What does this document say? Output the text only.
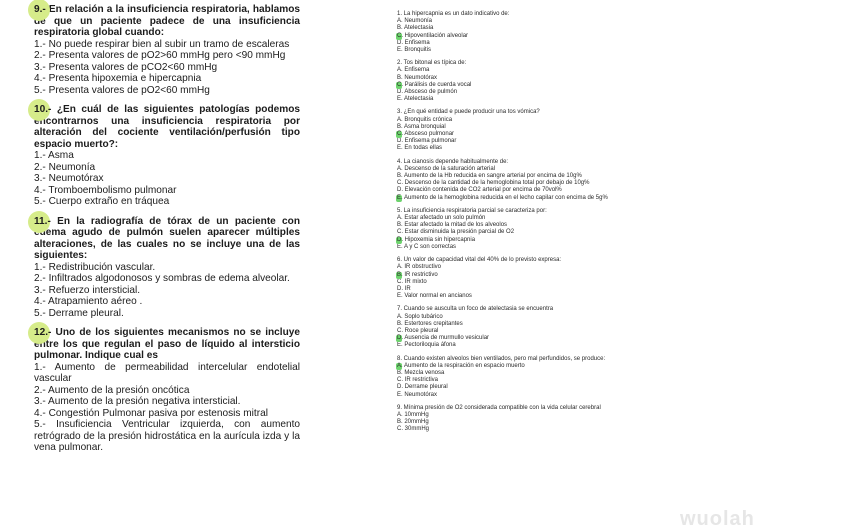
9.- En relación a la insuficiencia respiratoria, hablamos de que un paciente padece de una insuficiencia respiratoria global cuando:

1.- No puede respirar bien al subir un tramo de escaleras

2.- Presenta valores de pO2>60 mmHg pero <90 mmHg

3.- Presenta valores de pCO2<60 mmHg

4.- Presenta hipoxemia e hipercapnia

5.- Presenta valores de pO2<60 mmHg

10.- ¿En cuál de las siguientes patologías podemos encontrarnos una insuficiencia respiratoria por alteración del cociente ventilación/perfusión tipo espacio muerto?:

1.- Asma

2.- Neumonía

3.- Neumotórax

4.- Tromboembolismo pulmonar

5.- Cuerpo extraño en tráquea

11.- En la radiografía de tórax de un paciente con edema agudo de pulmón suelen aparecer múltiples alteraciones, de las cuales no se incluye una de las siguientes:

1.- Redistribución vascular.

2.- Infiltrados algodonosos y sombras de edema alveolar.

3.- Refuerzo intersticial.

4.- Atrapamiento aéreo .

5.- Derrame pleural.

12.- Uno de los siguientes mecanismos no se incluye entre los que regulan el paso de líquido al intersticio pulmonar. Indique cual es

1.- Aumento de permeabilidad intercelular endotelial vascular

2.- Aumento de la presión oncótica

3.- Aumento de la presión negativa intersticial.

4.- Congestión Pulmonar pasiva por estenosis mitral

5.- Insuficiencia Ventricular izquierda, con aumento retrógrado de la presión hidrostática en la aurícula izda y la vena pulmonar.

1. La hipercapnia es un dato indicativo de:

A. Neumonía

B. Atelectasia

C. Hipoventilación alveolar

D. Enfisema

E. Bronquitis

2. Tos bitonal es típica de:

A. Enfisema

B. Neumotórax

C. Parálisis de cuerda vocal

D. Absceso de pulmón

E. Atelectasia

3. ¿En qué entidad e puede producir una tos vómica?

A. Bronquitis crónica

B. Asma bronquial

C. Absceso pulmonar

D. Enfisema pulmonar

E. En todas ellas

4. La cianosis depende habitualmente de:

A. Descenso de la saturación arterial

B. Aumento de la Hb reducida en sangre arterial por encima de 10g%

C. Descenso de la cantidad de la hemoglobina total por debajo de 10g%

D. Elevación contenida de CO2 arterial por encima de 70vol%

E. Aumento de la hemoglobina reducida en el lecho capilar con encima de 5g%

5. La insuficiencia respiratoria parcial se caracteriza por:

A. Estar afectado un solo pulmón

B. Estar afectado la mitad de los alveolos

C. Estar disminuida la presión parcial de O2

D. Hipoxemia sin hipercapnia

E. A y C son correctas

6. Un valor de capacidad vital del 40% de lo previsto expresa:

A. IR obstructivo

B. IR restrictivo

C. IR mixto

D. IR

E. Valor normal en ancianos

7. Cuando se ausculta un foco de atelectasia se encuentra

A. Soplo tubárico

B. Estertores crepitantes

C. Roce pleural

D. Ausencia de murmullo vesicular

E. Pectoriloquia áfona

8. Cuando existen alveolos bien ventilados, pero mal perfundidos, se produce:

A. Aumento de la respiración en espacio muerto

B. Mezcla venosa

C. IR restrictiva

D. Derrame pleural

E. Neumotórax

9. Mínima presión de O2 considerada compatible con la vida celular cerebral

A. 10mmHg

B. 20mmHg

C. 30mmHg

wuolah
